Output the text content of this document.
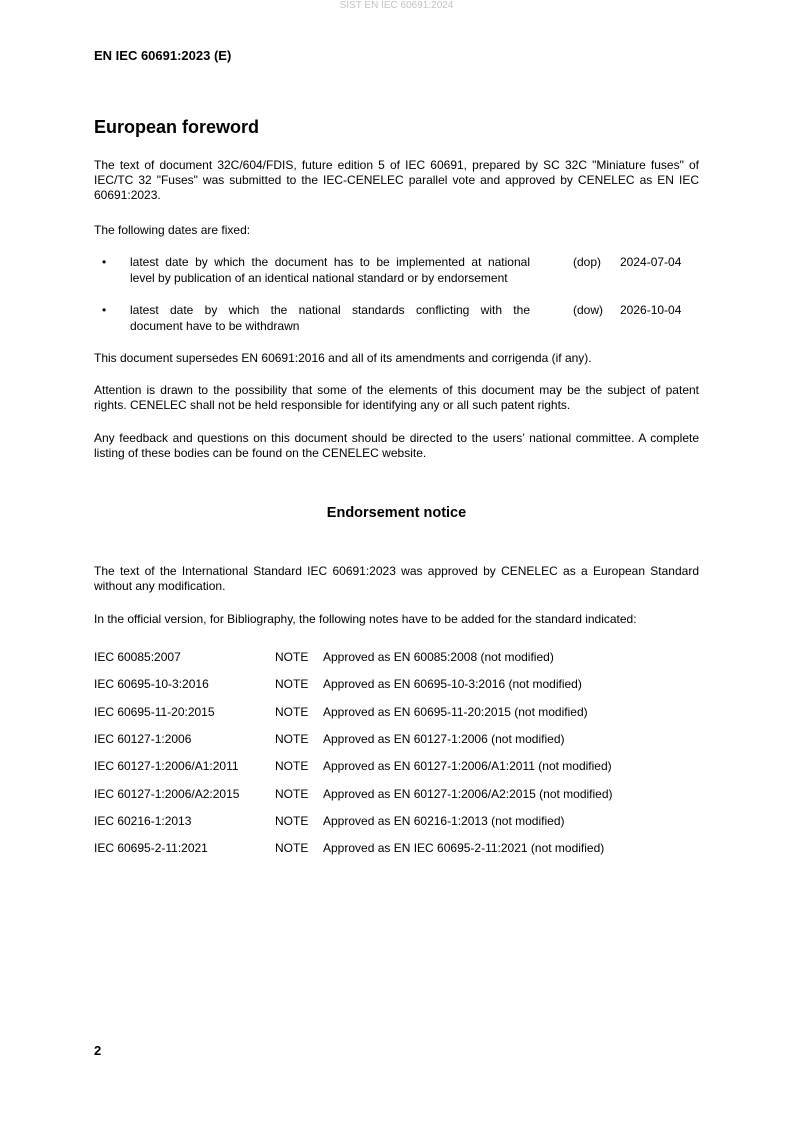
SIST EN IEC 60691:2024
EN IEC 60691:2023 (E)
European foreword

The text of document 32C/604/FDIS, future edition 5 of IEC 60691, prepared by SC 32C "Miniature fuses" of IEC/TC 32 "Fuses" was submitted to the IEC-CENELEC parallel vote and approved by CENELEC as EN IEC 60691:2023.

The following dates are fixed:

• latest date by which the document has to be implemented at national
level by publication of an identical national standard or by endorsement

(dop) 2024-07-04
• latest date by which the national standards conflicting with the
document have to be withdrawn

(dow) 2026-10-04

This document supersedes EN 60691:2016 and all of its amendments and corrigenda (if any).

Attention is drawn to the possibility that some of the elements of this document may be the subject of patent rights. CENELEC shall not be held responsible for identifying any or all such patent rights.

Any feedback and questions on this document should be directed to the users’ national committee. A complete listing of these bodies can be found on the CENELEC website.

Endorsement notice

The text of the International Standard IEC 60691:2023 was approved by CENELEC as a European Standard without any modification.

In the official version, for Bibliography, the following notes have to be added for the standard indicated:

IEC 60085:2007	NOTE Approved as EN 60085:2008 (not modified)
IEC 60695-10-3:2016	NOTE Approved as EN 60695-10-3:2016 (not modified)
IEC 60695-11-20:2015	NOTE Approved as EN 60695-11-20:2015 (not modified)
IEC 60127-1:2006	NOTE Approved as EN 60127-1:2006 (not modified)
IEC 60127-1:2006/A1:2011	NOTE Approved as EN 60127-1:2006/A1:2011 (not modified)
IEC 60127-1:2006/A2:2015	NOTE Approved as EN 60127-1:2006/A2:2015 (not modified)
IEC 60216-1:2013	NOTE Approved as EN 60216-1:2013 (not modified)
IEC 60695-2-11:2021	NOTE Approved as EN IEC 60695-2-11:2021 (not modified)
2
